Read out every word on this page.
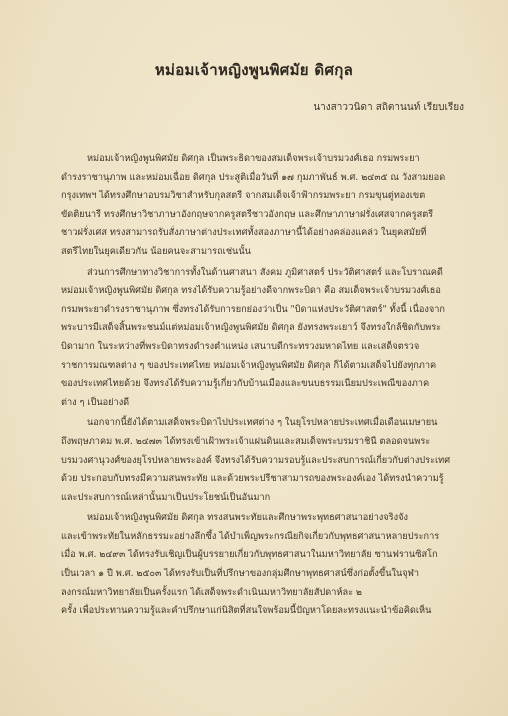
หม่อมเจ้าหญิงพูนพิศมัย ดิศกุล
นางสาววนิดา สถิตานนท์ เรียบเรียง
หม่อมเจ้าหญิงพูนพิศมัย ดิศกุล เป็นพระธิดาของสมเด็จพระเจ้าบรมวงศ์เธอ กรมพระยา
ดำรงราชานุภาพ และหม่อมเฉื่อย ดิศกุล ประสูติเมื่อวันที่ ๑๗ กุมภาพันธ์ พ.ศ. ๒๔๓๕ ณ วังสามยอด
กรุงเทพฯ ได้ทรงศึกษาอบรมวิชาสำหรับกุลสตรี จากสมเด็จเจ้าฟ้ากรมพระยา กรมขุนตู่ทองเขต
ขัดติยนารี ทรงศึกษาวิชาภาษาอังกฤษจากครูสตรีชาวอังกฤษ และศึกษาภาษาฝรั่งเศสจากครูสตรี
ชาวฝรั่งเศส ทรงสามารถรับสั่งภาษาต่างประเทศทั้งสองภาษานี้ได้อย่างคล่องแคล่ว ในยุคสมัยที่
สตรีไทยในยุคเดียวกัน น้อยคนจะสามารถเช่นนั้น
ส่วนการศึกษาทางวิชาการทั้งในด้านศาสนา สังคม ภูมิศาสตร์ ประวัติศาสตร์ และโบราณคดี
หม่อมเจ้าหญิงพูนพิศมัย ดิศกุล ทรงได้รับความรู้อย่างดีจากพระบิดา คือ สมเด็จพระเจ้าบรมวงศ์เธอ
กรมพระยาดำรงราชานุภาพ ซึ่งทรงได้รับการยกย่องว่าเป็น "บิดาแห่งประวัติศาสตร์" ทั้งนี้ เนื่องจาก
พระบารมีเสด็จสิ้นพระชนม์แต่หม่อมเจ้าหญิงพูนพิศมัย ดิศกุล ยังทรงพระเยาว์ จึงทรงใกล้ชิดกับพระ
บิดามาก ในระหว่างที่พระบิดาทรงดำรงตำแหน่ง เสนาบดีกระทรวงมหาดไทย และเสด็จตรวจ
ราชการมณฑลต่าง ๆ ของประเทศไทย หม่อมเจ้าหญิงพูนพิศมัย ดิศกุล ก็ได้ตามเสด็จไปยังทุกภาค
ของประเทศไทยด้วย จึงทรงได้รับความรู้เกี่ยวกับบ้านเมืองและขนบธรรมเนียมประเพณีของภาค
ต่าง ๆ เป็นอย่างดี
นอกจากนี้ยังได้ตามเสด็จพระบิดาไปประเทศต่าง ๆ ในยุโรปหลายประเทศเมื่อเดือนเมษายน
ถึงพฤษภาคม พ.ศ. ๒๔๗๓ ได้ทรงเข้าเฝ้าพระเจ้าแผ่นดินและสมเด็จพระบรมราชินี ตลอดจนพระ
บรมวงศานุวงศ์ของยุโรปหลายพระองค์ จึงทรงได้รับความรอบรู้และประสบการณ์เกี่ยวกับต่างประเทศ
ด้วย ประกอบกับทรงมีความสนพระทัย และด้วยพระปรีชาสามารถของพระองค์เอง ได้ทรงนำความรู้
และประสบการณ์เหล่านั้นมาเป็นประโยชน์เป็นอันมาก
หม่อมเจ้าหญิงพูนพิศมัย ดิศกุล ทรงสนพระทัยและศึกษาพระพุทธศาสนาอย่างจริงจัง
และเข้าพระทัยในหลักธรรมะอย่างลึกซึ้ง ได้บำเพ็ญพระกรณียกิจเกี่ยวกับพุทธศาสนาหลายประการ
เมื่อ พ.ศ. ๒๔๙๓ ได้ทรงรับเชิญเป็นผู้บรรยายเกี่ยวกับพุทธศาสนาในมหาวิทยาลัย ซานฟรานซิสโก
เป็นเวลา ๑ ปี พ.ศ. ๒๕๐๓ ได้ทรงรับเป็นที่ปรึกษาของกลุ่มศึกษาพุทธศาสน์ซึ่งก่อตั้งขึ้นในจุฬา
ลงกรณ์มหาวิทยาลัยเป็นครั้งแรก ได้เสด็จพระดำเนินมหาวิทยาลัยสัปดาห์ละ ๒
ครั้ง เพื่อประทานความรู้และคำปรึกษาแก่นิสิตที่สนใจพร้อมนี้ปัญหาโดยละทรงแนะนำข้อคิดเห็น
